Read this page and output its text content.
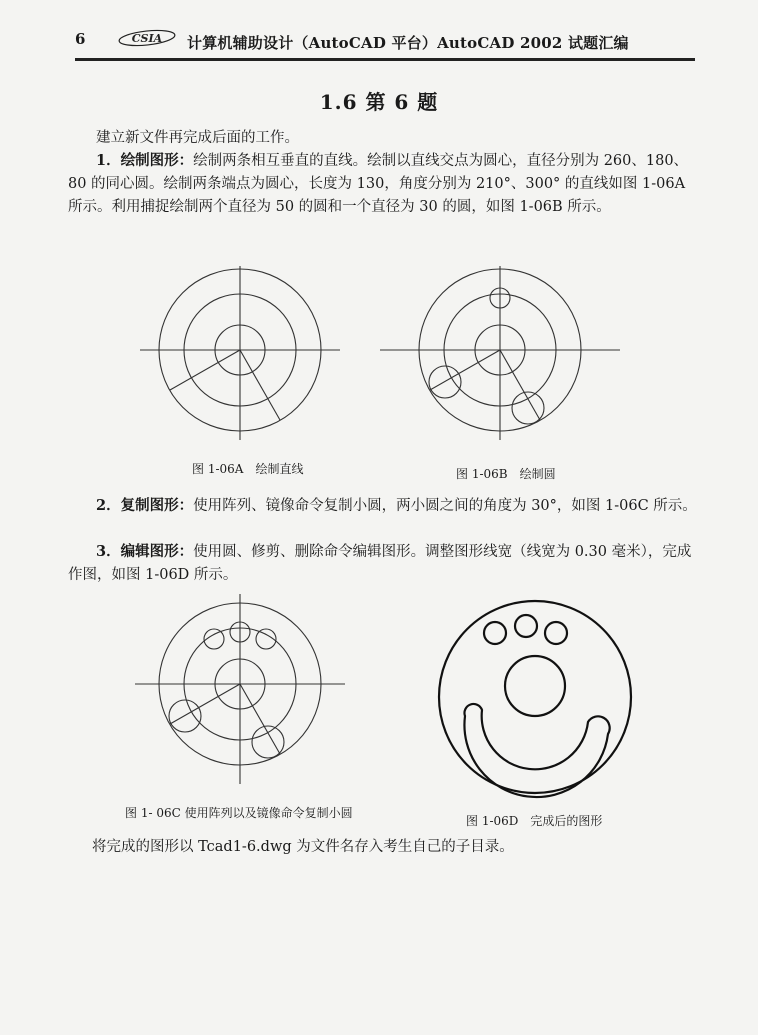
6	CSIA 计算机辅助设计（AutoCAD 平台）AutoCAD 2002 试题汇编
1.6 第 6 题
建立新文件再完成后面的工作。
1．绘制图形：绘制两条相互垂直的直线。绘制以直线交点为圆心，直径分别为 260、180、80 的同心圆。绘制两条端点为圆心，长度为 130，角度分别为 210°、300° 的直线如图 1-06A 所示。利用捕捉绘制两个直径为 50 的圆和一个直径为 30 的圆，如图 1-06B 所示。
图 1-06A　绘制直线	图 1-06B　绘制圆
2．复制图形：使用阵列、镜像命令复制小圆，两小圆之间的角度为 30°，如图 1-06C 所示。
3．编辑图形：使用圆、修剪、删除命令编辑图形。调整图形线宽（线宽为 0.30 毫米），完成作图，如图 1-06D 所示。
图 1- 06C 使用阵列以及镜像命令复制小圆
图 1-06D　完成后的图形
将完成的图形以 Tcad1-6.dwg 为文件名存入考生自己的子目录。
